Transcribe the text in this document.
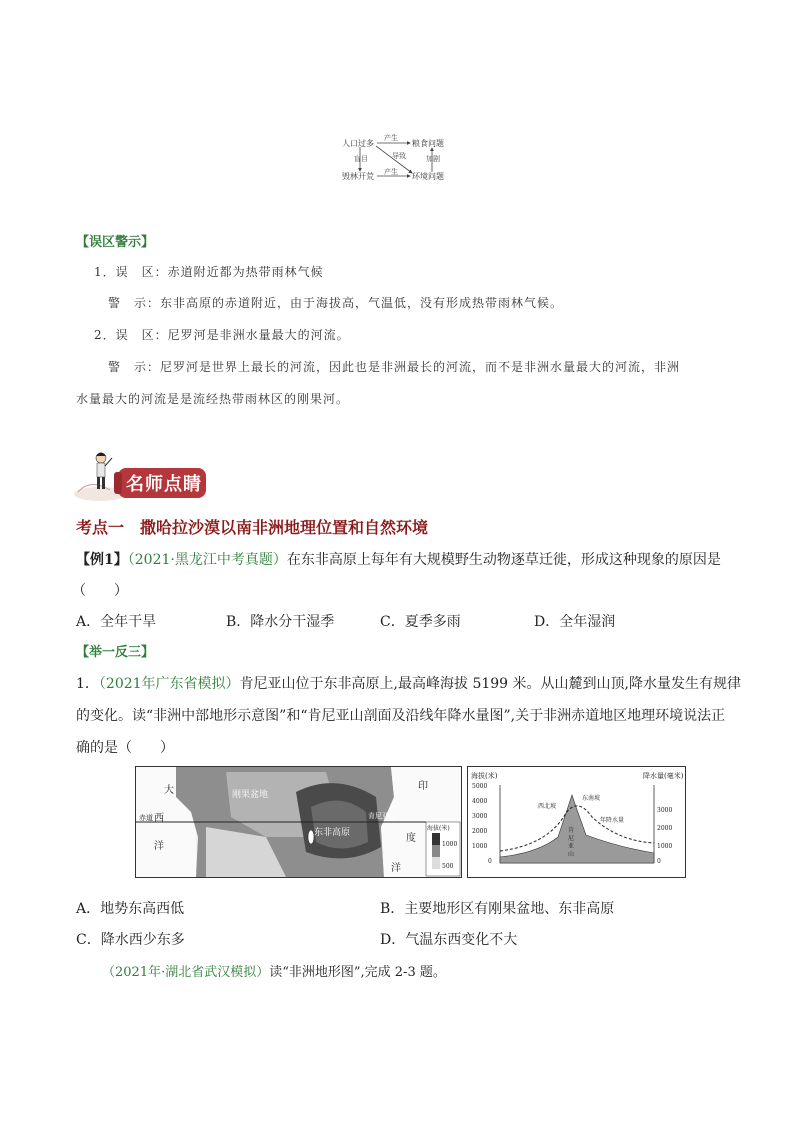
人口过多	粮食问题
毁林开荒	环境问题
产生
产生
盲目	导致	加剧
【误区警示】
1．误　区：赤道附近都为热带雨林气候
警　示：东非高原的赤道附近，由于海拔高，气温低，没有形成热带雨林气候。
2．误　区：尼罗河是非洲水量最大的河流。
警　示：尼罗河是世界上最长的河流，因此也是非洲最长的河流，而不是非洲水量最大的河流，非洲
水量最大的河流是是流经热带雨林区的刚果河。
名师点睛
考点一　撒哈拉沙漠以南非洲地理位置和自然环境
【例1】（2021·黑龙江中考真题）在东非高原上每年有大规模野生动物逐草迁徙，形成这种现象的原因是
（　　）
A．全年干旱	B．降水分干湿季	C．夏季多雨	D．全年湿润
【举一反三】
1．（2021年广东省模拟）肯尼亚山位于东非高原上,最高峰海拔 5199 米。从山麓到山顶,降水量发生有规律
的变化。读“非洲中部地形示意图”和“肯尼亚山剖面及沿线年降水量图”,关于非洲赤道地区地理环境说法正
确的是（　　）
大
西
洋
赤道
刚果盆地
东非高原
肯尼亚山
印
度
洋
海拔(米)
1000
500
海拔(米)	降水量(毫米)
5000
4000
3000
2000
1000
0
3000
2000
1000
0
西北坡
东南坡
年降水量
肯
尼
亚
山
A．地势东高西低	B．主要地形区有刚果盆地、东非高原
C．降水西少东多	D．气温东西变化不大
（2021年·湖北省武汉模拟）读“非洲地形图”,完成 2-3 题。
